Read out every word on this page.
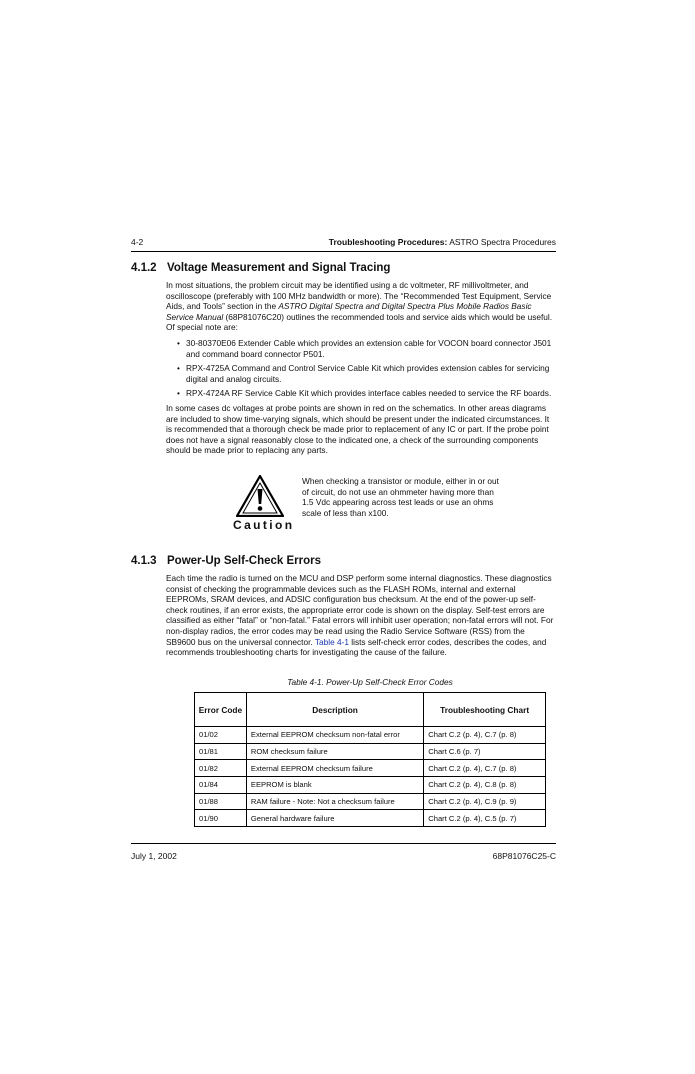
4-2	Troubleshooting Procedures: ASTRO Spectra Procedures
4.1.2 Voltage Measurement and Signal Tracing

In most situations, the problem circuit may be identified using a dc voltmeter, RF millivoltmeter, and oscilloscope (preferably with 100 MHz bandwidth or more). The “Recommended Test Equipment, Service Aids, and Tools” section in the ASTRO Digital Spectra and Digital Spectra Plus Mobile Radios Basic Service Manual (68P81076C20) outlines the recommended tools and service aids which would be useful. Of special note are:

• 30-80370E06 Extender Cable which provides an extension cable for VOCON board connector J501 and command board connector P501.
• RPX-4725A Command and Control Service Cable Kit which provides extension cables for servicing digital and analog circuits.
• RPX-4724A RF Service Cable Kit which provides interface cables needed to service the RF boards.

In some cases dc voltages at probe points are shown in red on the schematics. In other areas diagrams are included to show time-varying signals, which should be present under the indicated circumstances. It is recommended that a thorough check be made prior to replacement of any IC or part. If the probe point does not have a signal reasonably close to the indicated one, a check of the surrounding components should be made prior to replacing any parts.

Caution
When checking a transistor or module, either in or out of circuit, do not use an ohmmeter having more than 1.5 Vdc appearing across test leads or use an ohms scale of less than x100.
4.1.3 Power-Up Self-Check Errors

Each time the radio is turned on the MCU and DSP perform some internal diagnostics. These diagnostics consist of checking the programmable devices such as the FLASH ROMs, internal and external EEPROMs, SRAM devices, and ADSIC configuration bus checksum. At the end of the power-up self-check routines, if an error exists, the appropriate error code is shown on the display. Self-test errors are classified as either “fatal” or “non-fatal.” Fatal errors will inhibit user operation; non-fatal errors will not. For non-display radios, the error codes may be read using the Radio Service Software (RSS) from the SB9600 bus on the universal connector. Table 4-1 lists self-check error codes, describes the codes, and recommends troubleshooting charts for investigating the cause of the failure.

Table 4-1. Power-Up Self-Check Error Codes
Error Code	Description	Troubleshooting Chart
01/02	External EEPROM checksum non-fatal error	Chart C.2 (p. 4), C.7 (p. 8)
01/81	ROM checksum failure	Chart C.6 (p. 7)
01/82	External EEPROM checksum failure	Chart C.2 (p. 4), C.7 (p. 8)
01/84	EEPROM is blank	Chart C.2 (p. 4), C.8 (p. 8)
01/88	RAM failure - Note: Not a checksum failure	Chart C.2 (p. 4), C.9 (p. 9)
01/90	General hardware failure	Chart C.2 (p. 4), C.5 (p. 7)
July 1, 2002	68P81076C25-C
